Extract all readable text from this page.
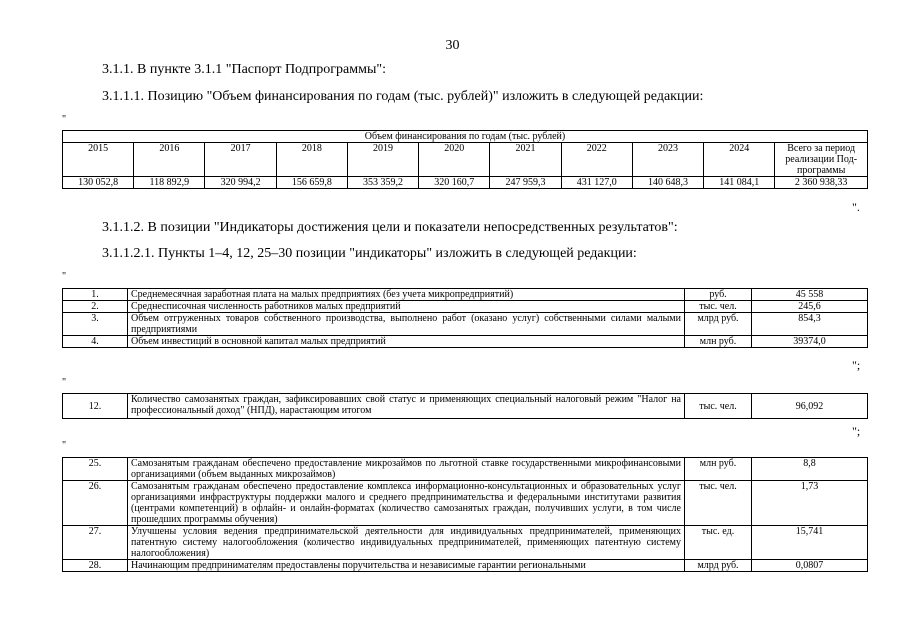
30
3.1.1. В пункте 3.1.1 "Паспорт Подпрограммы":
3.1.1.1. Позицию "Объем финансирования по годам (тыс. рублей)" изложить в следующей редакции:
"
Объем финансирования по годам (тыс. рублей)										
2015	2016	2017	2018	2019	2020	2021	2022	2023	2024	Всего за период реализации Под-программы
130 052,8	118 892,9	320 994,2	156 659,8	353 359,2	320 160,7	247 959,3	431 127,0	140 648,3	141 084,1	2 360 938,33
".
3.1.1.2. В позиции "Индикаторы достижения цели и показатели непосредственных результатов":
3.1.1.2.1. Пункты 1–4, 12, 25–30 позиции "индикаторы" изложить в следующей редакции:
"
1.	Среднемесячная заработная плата на малых предприятиях (без учета микропредприятий)	руб.	45 558
2.	Среднесписочная численность работников малых предприятий	тыс. чел.	245,6
3.	Объем отгруженных товаров собственного производства, выполнено работ (оказано услуг) собственными силами малыми предприятиями	млрд руб.	854,3
4.	Объем инвестиций в основной капитал малых предприятий	млн руб.	39374,0
";
"
12.	Количество самозанятых граждан, зафиксировавших свой статус и применяющих специальный налоговый режим "Налог на профессиональный доход" (НПД), нарастающим итогом	тыс. чел.	96,092
";
"
25.	Самозанятым гражданам обеспечено предоставление микрозаймов по льготной ставке государственными микрофинансовыми организациями (объем выданных микрозаймов)	млн руб.	8,8
26.	Самозанятым гражданам обеспечено предоставление комплекса информационно-консультационных и образовательных услуг организациями инфраструктуры поддержки малого и среднего предпринимательства и федеральными институтами развития (центрами компетенций) в офлайн- и онлайн-форматах (количество самозанятых граждан, получивших услуги, в том числе прошедших программы обучения)	тыс. чел.	1,73
27.	Улучшены условия ведения предпринимательской деятельности для индивидуальных предпринимателей, применяющих патентную систему налогообложения (количество индивидуальных предпринимателей, применяющих патентную систему налогообложения)	тыс. ед.	15,741
28.	Начинающим предпринимателям предоставлены поручительства и независимые гарантии региональными	млрд руб.	0,0807
